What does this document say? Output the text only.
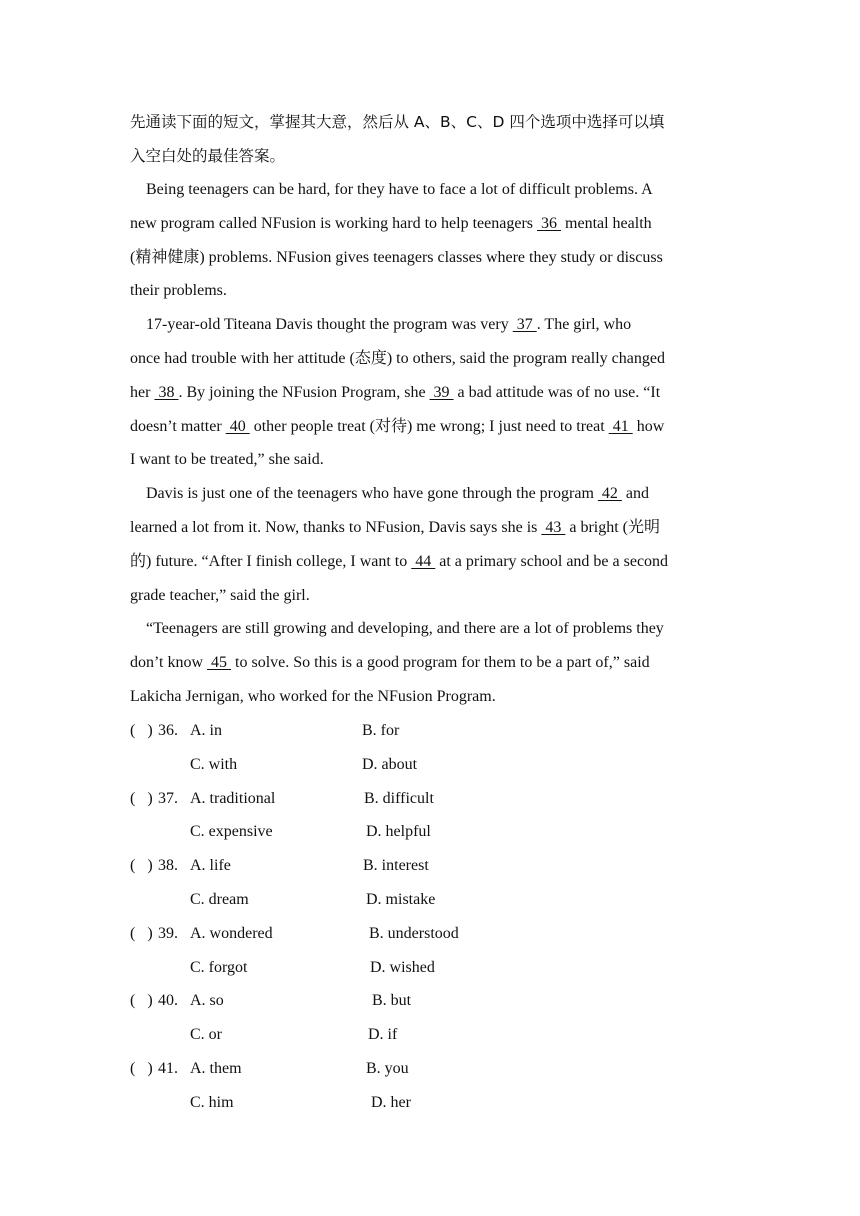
先通读下面的短文，掌握其大意，然后从 A、B、C、D 四个选项中选择可以填
入空白处的最佳答案。
Being teenagers can be hard, for they have to face a lot of difficult problems. A
new program called NFusion is working hard to help teenagers  36  mental health
(精神健康) problems. NFusion gives teenagers classes where they study or discuss
their problems.
17-year-old Titeana Davis thought the program was very  37 . The girl, who
once had trouble with her attitude (态度) to others, said the program really changed
her  38 . By joining the NFusion Program, she  39  a bad attitude was of no use. “It
doesn’t matter  40  other people treat (对待) me wrong; I just need to treat  41  how
I want to be treated,” she said.
Davis is just one of the teenagers who have gone through the program  42  and
learned a lot from it. Now, thanks to NFusion, Davis says she is  43  a bright (光明
的) future. “After I finish college, I want to  44  at a primary school and be a second
grade teacher,” said the girl.
“Teenagers are still growing and developing, and there are a lot of problems they
don’t know  45  to solve. So this is a good program for them to be a part of,” said
Lakicha Jernigan, who worked for the NFusion Program.
(   ) 36. A. in	B. for
C. with	D. about
(   ) 37. A. traditional	B. difficult
C. expensive	D. helpful
(   ) 38. A. life	B. interest
C. dream	D. mistake
(   ) 39. A. wondered	B. understood
C. forgot	D. wished
(   ) 40. A. so	B. but
C. or	D. if
(   ) 41. A. them	B. you
C. him	D. her
